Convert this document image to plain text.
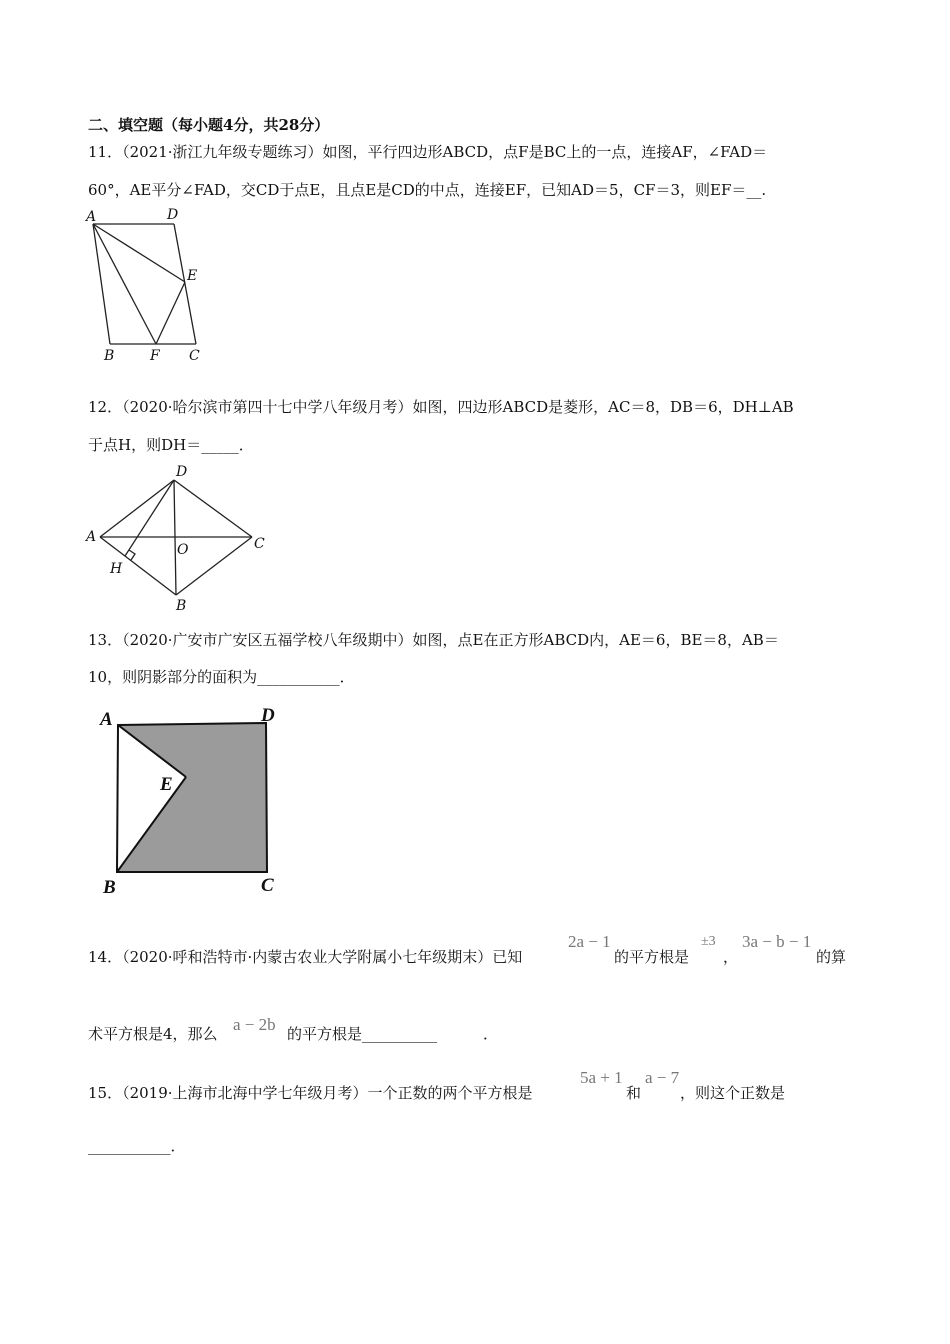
二、填空题（每小题4分，共28分）
11．（2021·浙江九年级专题练习）如图，平行四边形ABCD，点F是BC上的一点，连接AF，∠FAD＝
60°，AE平分∠FAD，交CD于点E，且点E是CD的中点，连接EF，已知AD＝5，CF＝3，则EF＝__.
A	D
E
B	F C
12．（2020·哈尔滨市第四十七中学八年级月考）如图，四边形ABCD是菱形，AC＝8，DB＝6，DH⊥AB
于点H，则DH＝_____．
A
D
C
B
O
H
13．（2020·广安市广安区五福学校八年级期中）如图，点E在正方形ABCD内，AE＝6，BE＝8，AB＝
10，则阴影部分的面积为___________．
A	D
E
B	C
14．（2020·呼和浩特市·内蒙古农业大学附属小七年级期末）已知
2a − 1
的平方根是
±3
，
3a − b − 1
的算
术平方根是4，那么 a − 2b 的平方根是__________	．
15．（2019·上海市北海中学七年级月考）一个正数的两个平方根是
5a + 1
和
a − 7
，则这个正数是
___________．
